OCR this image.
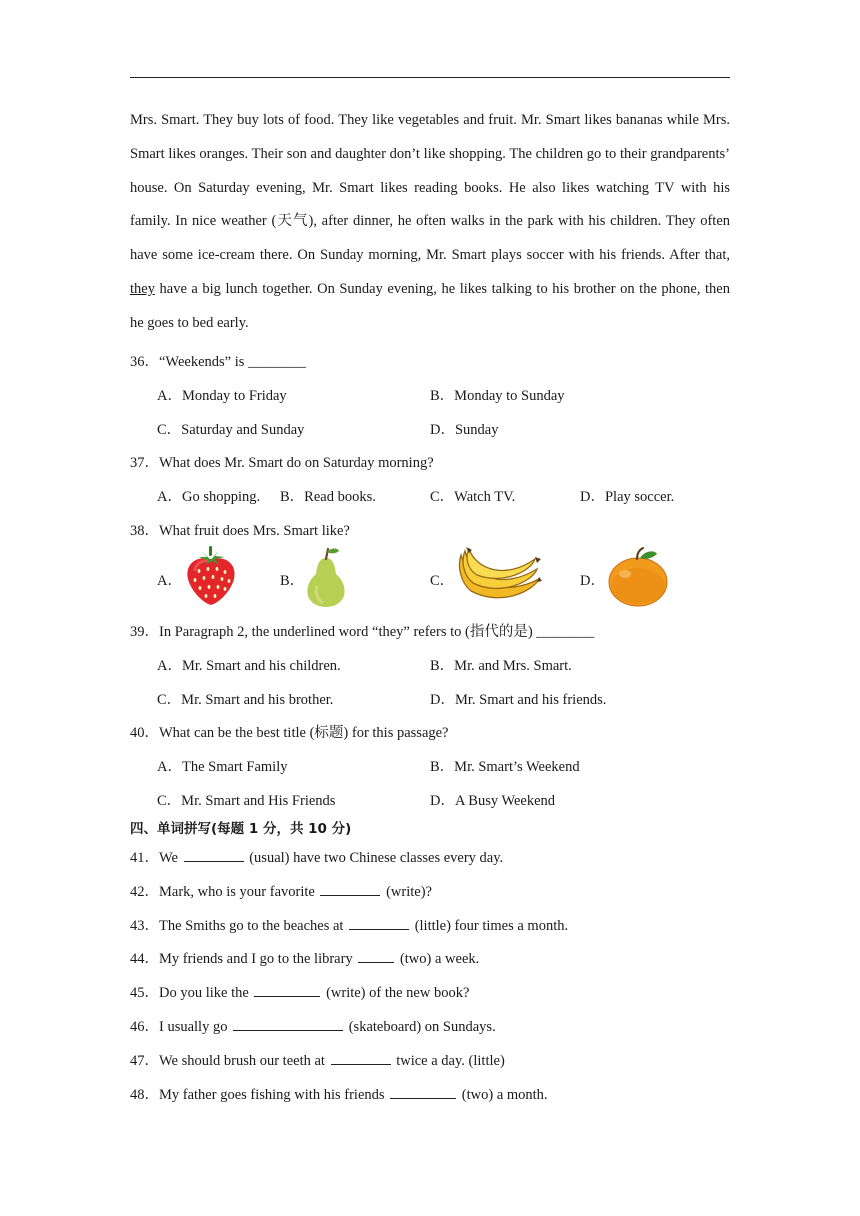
Mrs. Smart. They buy lots of food. They like vegetables and fruit. Mr. Smart likes bananas while Mrs. Smart likes oranges. Their son and daughter don’t like shopping. The children go to their grandparents’ house. On Saturday evening, Mr. Smart likes reading books. He also likes watching TV with his family. In nice weather (天气), after dinner, he often walks in the park with his children. They often have some ice-cream there. On Sunday morning, Mr. Smart plays soccer with his friends. After that, they have a big lunch together. On Sunday evening, he likes talking to his brother on the phone, then he goes to bed early.

36．“Weekends” is ________
A．Monday to Friday	B．Monday to Sunday
C．Saturday and Sunday	D．Sunday
37．What does Mr. Smart do on Saturday morning?
A．Go shopping. B．Read books.	C．Watch TV.	D．Play soccer.
38．What fruit does Mrs. Smart like?
A．	B．	C．	D．
39．In Paragraph 2, the underlined word “they” refers to (指代的是) ________
A．Mr. Smart and his children.	B．Mr. and Mrs. Smart.
C．Mr. Smart and his brother.	D．Mr. Smart and his friends.
40．What can be the best title (标题) for this passage?
A．The Smart Family	B．Mr. Smart’s Weekend
C．Mr. Smart and His Friends	D．A Busy Weekend
四、单词拼写(每题 1 分，共 10 分)
41．We	(usual) have two Chinese classes every day.
42．Mark, who is your favorite	(write)?
43．The Smiths go to the beaches at	(little) four times a month.
44．My friends and I go to the library	(two) a week.
45．Do you like the	(write) of the new book?
46．I usually go	(skateboard) on Sundays.
47．We should brush our teeth at	twice a day. (little)
48．My father goes fishing with his friends	(two) a month.
